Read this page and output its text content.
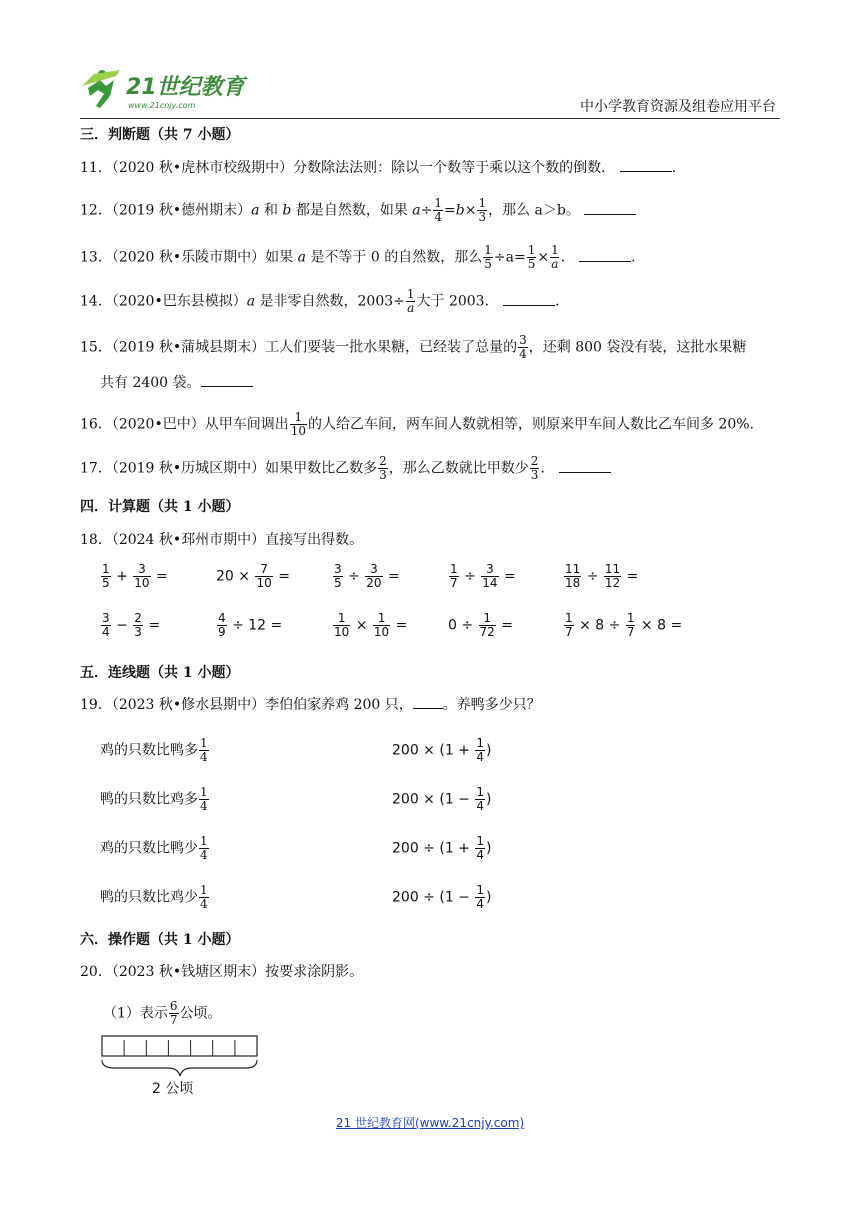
21世纪教育
www.21cnjy.com	中小学教育资源及组卷应用平台
三．判断题（共 7 小题）
11．（2020 秋•虎林市校级期中）分数除法法则：除以一个数等于乘以这个数的倒数．	.
12．（2019 秋•德州期末）a 和 b 都是自然数，如果 $a\div \frac{1}{4} =b\times \frac{1}{3}$ ，那么 a＞b。
13．（2020 秋•乐陵市期中）如果 a 是不等于 0 的自然数，那么 $\frac{1}{5} \div a= \frac{1}{5} \times \frac{1}{a}$ ．	.
14．（2020•巴东县模拟）a 是非零自然数，$2003\div \frac{1}{a}$ 大于 2003．	.
15．（2019 秋•蒲城县期末）工人们要装一批水果糖，已经装了总量的 $\frac{3}{4}$ ，还剩 800 袋没有装，这批水果糖
共有 2400 袋。
16．（2020•巴中）从甲车间调出 $\frac{1}{10}$ 的人给乙车间，两车间人数就相等，则原来甲车间人数比乙车间多 20%.
17．（2019 秋•历城区期中）如果甲数比乙数多 $\frac{2}{3}$ ，那么乙数就比甲数少 $\frac{2}{3}$ ．
四．计算题（共 1 小题）
18．（2024 秋•邳州市期中）直接写出得数。
$\frac{1}{5} + \frac{3}{10}$ =	$20 \times \frac{7}{10}$ =	$\frac{3}{5} \div \frac{3}{20}$ =	$\frac{1}{7} \div \frac{3}{14}$ =	$\frac{11}{18} \div \frac{11}{12}$ =
$\frac{3}{4} - \frac{2}{3}$ =	$\frac{4}{9} \div 12$ =	$\frac{1}{10} \times \frac{1}{10}$ =	$0 \div \frac{1}{72}$ =	$\frac{1}{7} \times 8 \div \frac{1}{7} \times 8$ =
五．连线题（共 1 小题）
19．（2023 秋•修水县期中）李伯伯家养鸡 200 只， 。养鸭多少只？
鸡的只数比鸭多 $\frac{1}{4}$
鸭的只数比鸡多 $\frac{1}{4}$
鸡的只数比鸭少 $\frac{1}{4}$
鸭的只数比鸡少 $\frac{1}{4}$
$200 \times (1 + \frac{1}{4}$ )
$200 \times (1 - \frac{1}{4}$ )
$200 \div (1 + \frac{1}{4}$ )
$200 \div (1 - \frac{1}{4}$ )
六．操作题（共 1 小题）
20．（2023 秋•钱塘区期末）按要求涂阴影。
（1）表示 $\frac{6}{7}$ 公顷。
2 公顷
21 世纪教育网(www.21cnjy.com)
